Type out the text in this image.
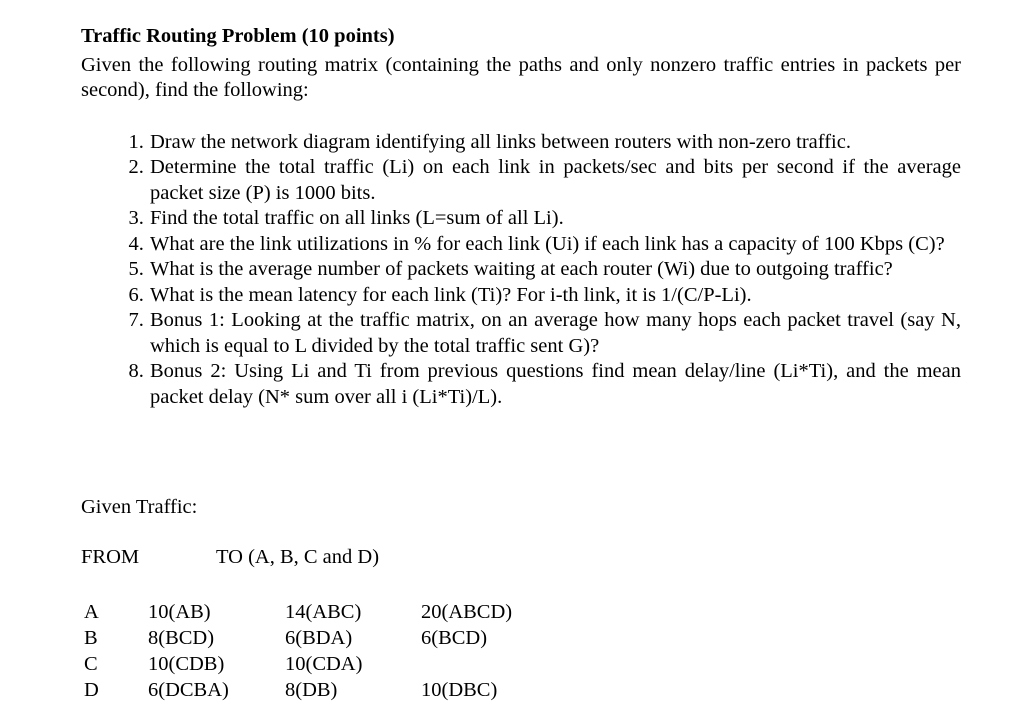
Traffic Routing Problem (10 points)

Given the following routing matrix (containing the paths and only nonzero traffic entries in packets per second), find the following:

1. Draw the network diagram identifying all links between routers with non-zero traffic.
2. Determine the total traffic (Li) on each link in packets/sec and bits per second if the average packet size (P) is 1000 bits.
3. Find the total traffic on all links (L=sum of all Li).
4. What are the link utilizations in % for each link (Ui) if each link has a capacity of 100 Kbps (C)?
5. What is the average number of packets waiting at each router (Wi) due to outgoing traffic?
6. What is the mean latency for each link (Ti)? For i-th link, it is 1/(C/P-Li).
7. Bonus 1: Looking at the traffic matrix, on an average how many hops each packet travel (say N, which is equal to L divided by the total traffic sent G)?
8. Bonus 2: Using Li and Ti from previous questions find mean delay/line (Li*Ti), and the mean packet delay (N* sum over all i (Li*Ti)/L).
Given Traffic:
FROM	TO (A, B, C and D)
A
B
C
D
10(AB)
8(BCD)
10(CDB)
6(DCBA)
14(ABC)
6(BDA)
10(CDA)
8(DB)
20(ABCD)
6(BCD)
10(DBC)
